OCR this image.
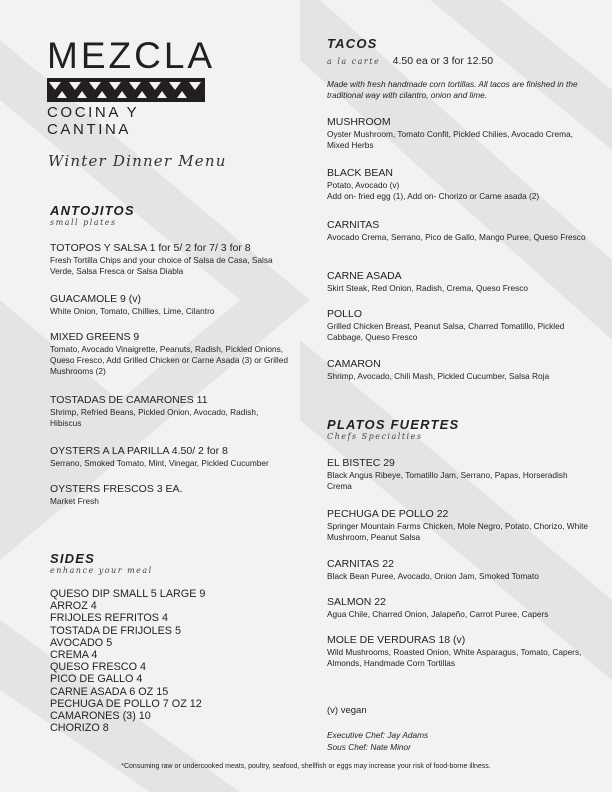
MEZCLA
COCINA Y CANTINA
Winter Dinner Menu
ANTOJITOS
small plates
TOTOPOS Y SALSA 1 for 5/ 2 for 7/ 3 for 8
Fresh Tortilla Chips and your choice of Salsa de Casa, Salsa Verde, Salsa Fresca or Salsa Diabla
GUACAMOLE 9 (v)
White Onion, Tomato, Chillies, Lime, Cilantro
MIXED GREENS 9
Tomato, Avocado Vinaigrette, Peanuts, Radish, Pickled Onions, Queso Fresco, Add Grilled Chicken or Carne Asada (3) or Grilled Mushrooms (2)
TOSTADAS DE CAMARONES 11
Shrimp, Refried Beans, Pickled Onion, Avocado, Radish, Hibiscus
OYSTERS A LA PARILLA 4.50/ 2 for 8
Serrano, Smoked Tomato, Mint, Vinegar, Pickled Cucumber
OYSTERS FRESCOS 3 EA.
Market Fresh
SIDES
enhance your meal
QUESO DIP SMALL 5 LARGE 9
ARROZ 4
FRIJOLES REFRITOS 4
TOSTADA DE FRIJOLES 5
AVOCADO 5
CREMA 4
QUESO FRESCO 4
PICO DE GALLO 4
CARNE ASADA 6 OZ 15
PECHUGA DE POLLO 7 OZ 12
CAMARONES (3) 10
CHORIZO 8
TACOS
a la carte 4.50 ea or 3 for 12.50
Made with fresh handmade corn tortillas. All tacos are finished in the traditional way with cilantro, onion and lime.
MUSHROOM
Oyster Mushroom, Tomato Confit, Pickled Chilies, Avocado Crema, Mixed Herbs
BLACK BEAN
Potato, Avocado (v)
Add on- fried egg (1), Add on- Chorizo or Carne asada (2)
CARNITAS
Avocado Crema, Serrano, Pico de Gallo, Mango Puree, Queso Fresco
CARNE ASADA
Skirt Steak, Red Onion, Radish, Crema, Queso Fresco
POLLO
Grilled Chicken Breast, Peanut Salsa, Charred Tomatillo, Pickled Cabbage, Queso Fresco
CAMARON
Shrimp, Avocado, Chili Mash, Pickled Cucumber, Salsa Roja
PLATOS FUERTES
Chefs Specialties
EL BISTEC 29
Black Angus Ribeye, Tomatillo Jam, Serrano, Papas, Horseradish Crema
PECHUGA DE POLLO 22
Springer Mountain Farms Chicken, Mole Negro, Potato, Chorizo, White Mushroom, Peanut Salsa
CARNITAS 22
Black Bean Puree, Avocado, Onion Jam, Smoked Tomato
SALMON 22
Agua Chile, Charred Onion, Jalapeño, Carrot Puree, Capers
MOLE DE VERDURAS 18 (v)
Wild Mushrooms, Roasted Onion, White Asparagus, Tomato, Capers, Almonds, Handmade Corn Tortillas
(v) vegan
Executive Chef: Jay Adams
Sous Chef: Nate Minor
*Consuming raw or undercooked meats, poultry, seafood, shellfish or eggs may increase your risk of food-borne illness.
